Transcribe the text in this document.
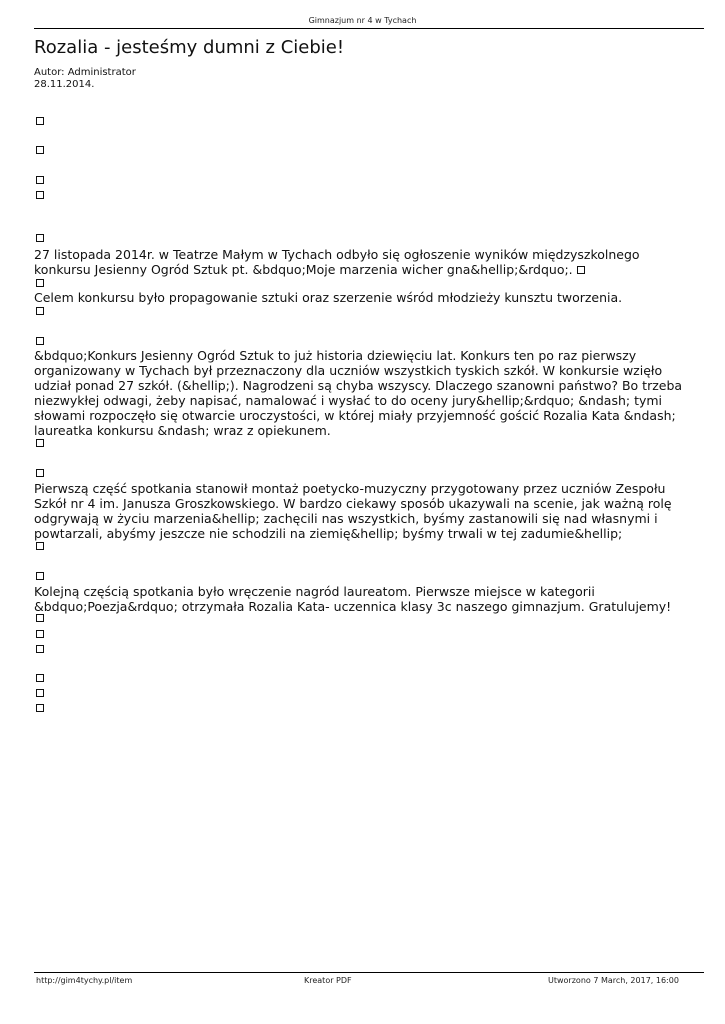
Gimnazjum nr 4 w Tychach
Rozalia - jesteśmy dumni z Ciebie!
Autor: Administrator
28.11.2014.

27 listopada 2014r. w Teatrze Małym w Tychach odbyło się ogłoszenie wyników międzyszkolnego
konkursu Jesienny Ogród Sztuk pt. &bdquo;Moje marzenia wicher gna&hellip;&rdquo;.

Celem konkursu było propagowanie sztuki oraz szerzenie wśród młodzieży kunsztu tworzenia.

&bdquo;Konkurs Jesienny Ogród Sztuk to już historia dziewięciu lat. Konkurs ten po raz pierwszy organizowany w Tychach był przeznaczony dla uczniów wszystkich tyskich szkół. W konkursie wzięło udział ponad 27 szkół. (&hellip;). Nagrodzeni są chyba wszyscy. Dlaczego szanowni państwo? Bo trzeba niezwykłej odwagi, żeby napisać, namalować i wysłać to do oceny jury&hellip;&rdquo; &ndash; tymi słowami rozpoczęło się otwarcie uroczystości, w której miały przyjemność gościć Rozalia Kata &ndash; laureatka konkursu &ndash; wraz z opiekunem.

Pierwszą część spotkania stanowił montaż poetycko-muzyczny przygotowany przez uczniów Zespołu Szkół nr 4 im. Janusza Groszkowskiego. W bardzo ciekawy sposób ukazywali na scenie, jak ważną rolę odgrywają w życiu marzenia&hellip; zachęcili nas wszystkich, byśmy zastanowili się nad własnymi i powtarzali, abyśmy jeszcze nie schodzili na ziemię&hellip; byśmy trwali w tej zadumie&hellip;

Kolejną częścią spotkania było wręczenie nagród laureatom. Pierwsze miejsce w kategorii &bdquo;Poezja&rdquo; otrzymała Rozalia Kata- uczennica klasy 3c naszego gimnazjum. Gratulujemy!

http://gim4tychy.pl/item	Kreator PDF	Utworzono 7 March, 2017, 16:00
